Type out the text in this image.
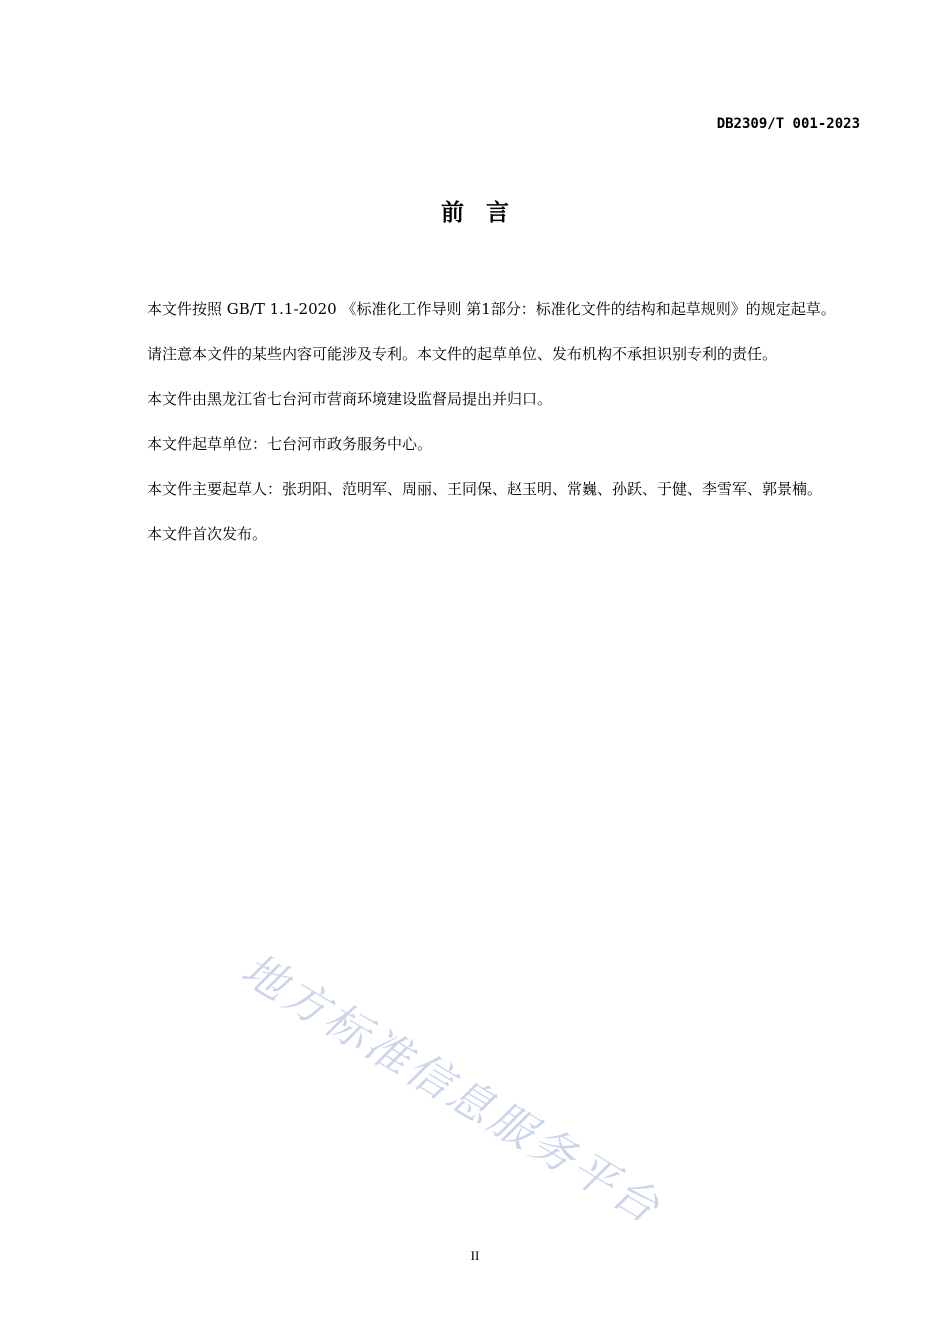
DB2309/T 001-2023
前言

本文件按照 GB/T 1.1-2020 《标准化工作导则 第1部分：标准化文件的结构和起草规则》的规定起草。

请注意本文件的某些内容可能涉及专利。本文件的起草单位、发布机构不承担识别专利的责任。

本文件由黑龙江省七台河市营商环境建设监督局提出并归口。

本文件起草单位：七台河市政务服务中心。

本文件主要起草人：张玥阳、范明军、周丽、王同保、赵玉明、常巍、孙跃、于健、李雪军、郭景楠。

本文件首次发布。

地方标准信息服务平台
II
